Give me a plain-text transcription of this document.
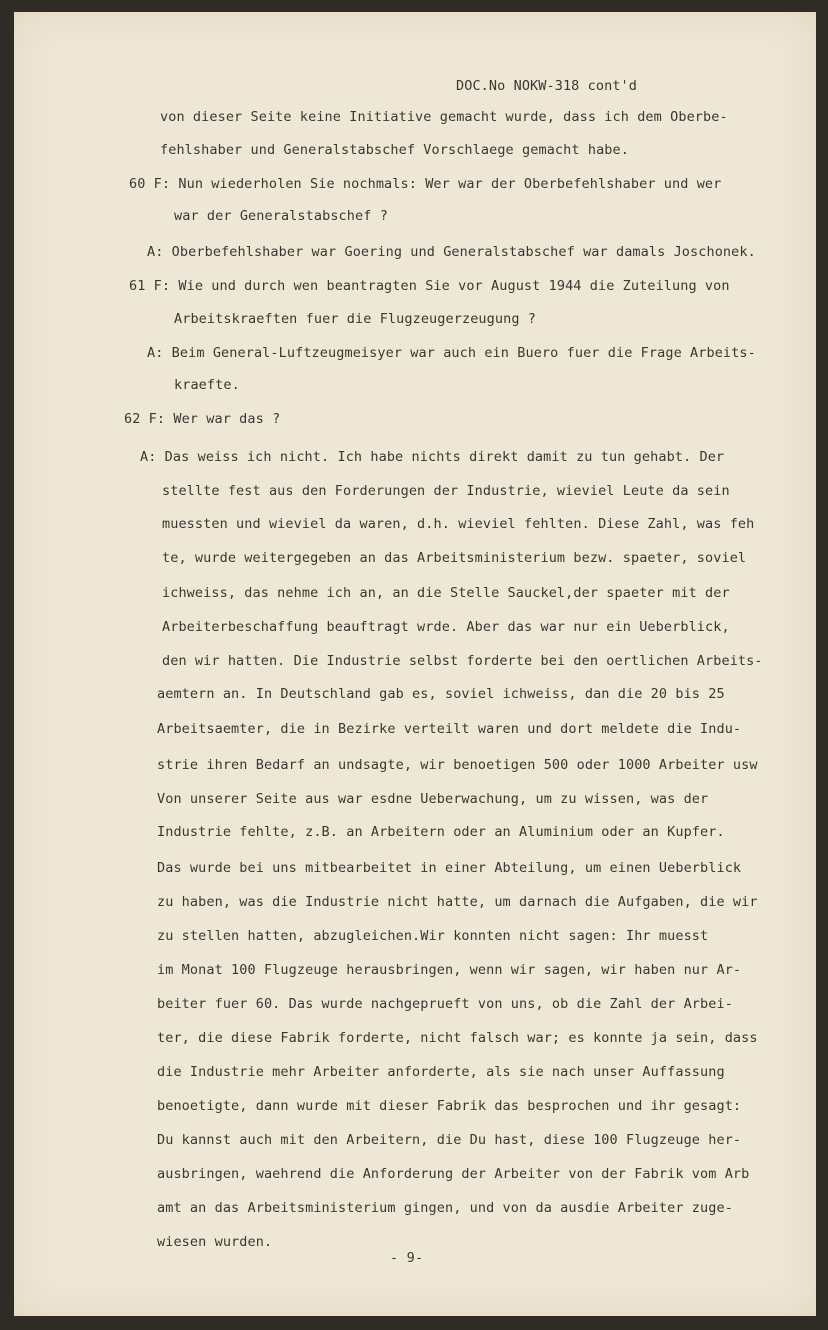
DOC.No NOKW-318 cont'd
von dieser Seite keine Initiative gemacht wurde, dass ich dem Oberbe-
fehlshaber und Generalstabschef Vorschlaege gemacht habe.
60 F: Nun wiederholen Sie nochmals: Wer war der Oberbefehlshaber und wer
war der Generalstabschef ?
A: Oberbefehlshaber war Goering und Generalstabschef war damals Joschonek.
61 F: Wie und durch wen beantragten Sie vor August 1944 die Zuteilung von
Arbeitskraeften fuer die Flugzeugerzeugung ?
A: Beim General-Luftzeugmeisyer war auch ein Buero fuer die Frage Arbeits-
kraefte.
62 F: Wer war das ?
A: Das weiss ich nicht. Ich habe nichts direkt damit zu tun gehabt. Der
stellte fest aus den Forderungen der Industrie, wieviel Leute da sein
muessten und wieviel da waren, d.h. wieviel fehlten. Diese Zahl, was feh
te, wurde weitergegeben an das Arbeitsministerium bezw. spaeter, soviel
ichweiss, das nehme ich an, an die Stelle Sauckel,der spaeter mit der
Arbeiterbeschaffung beauftragt wrde. Aber das war nur ein Ueberblick,
den wir hatten. Die Industrie selbst forderte bei den oertlichen Arbeits-
aemtern an. In Deutschland gab es, soviel ichweiss, dan die 20 bis 25
Arbeitsaemter, die in Bezirke verteilt waren und dort meldete die Indu-
strie ihren Bedarf an undsagte, wir benoetigen 500 oder 1000 Arbeiter usw
Von unserer Seite aus war esdne Ueberwachung, um zu wissen, was der
Industrie fehlte, z.B. an Arbeitern oder an Aluminium oder an Kupfer.
Das wurde bei uns mitbearbeitet in einer Abteilung, um einen Ueberblick
zu haben, was die Industrie nicht hatte, um darnach die Aufgaben, die wir
zu stellen hatten, abzugleichen.Wir konnten nicht sagen: Ihr muesst
im Monat 100 Flugzeuge herausbringen, wenn wir sagen, wir haben nur Ar-
beiter fuer 60. Das wurde nachgeprueft von uns, ob die Zahl der Arbei-
ter, die diese Fabrik forderte, nicht falsch war; es konnte ja sein, dass
die Industrie mehr Arbeiter anforderte, als sie nach unser Auffassung
benoetigte, dann wurde mit dieser Fabrik das besprochen und ihr gesagt:
Du kannst auch mit den Arbeitern, die Du hast, diese 100 Flugzeuge her-
ausbringen, waehrend die Anforderung der Arbeiter von der Fabrik vom Arb
amt an das Arbeitsministerium gingen, und von da ausdie Arbeiter zuge-
wiesen wurden.
- 9-
